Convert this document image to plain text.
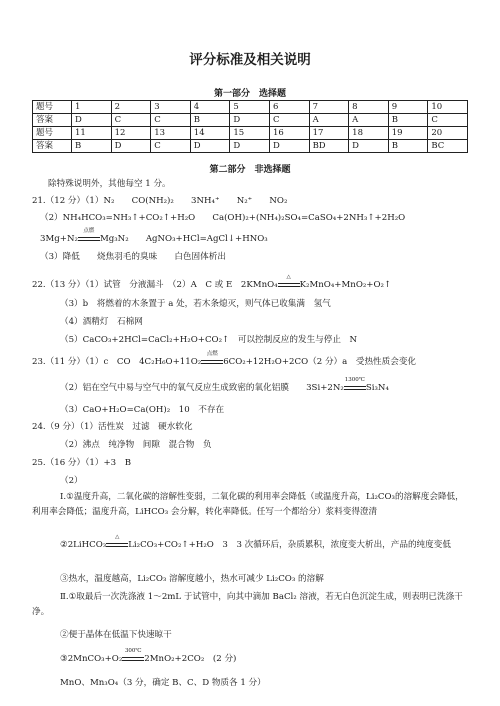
评分标准及相关说明
第一部分　选择题
题号	1	2	3	4	5	6	7	8	9	10
答案	D	C	C	B	D	C	A	A	B	C
题号	11	12	13	14	15	16	17	18	19	20
答案	B	D	C	D	D	D	BD	D	B	BC
第二部分　非选择题
除特殊说明外，其他每空 1 分。
21.（12 分）（1）N₂　　CO(NH₂)₂　　3NH₄⁺　　N₂⁺　　NO₂
（2）NH₄HCO₃=NH₃↑+CO₂↑+H₂O　　Ca(OH)₂+(NH₄)₂SO₄=CaSO₄+2NH₃↑+2H₂O
3Mg+N₂
点燃
Mg₃N₂　　AgNO₃+HCl=AgCl↓+HNO₃
（3）降低　　烧焦羽毛的臭味　　白色固体析出
22.（13 分）（1）试管　分液漏斗　（2）A　C 或 E　2KMnO₄
△
K₂MnO₄+MnO₂+O₂↑
（3）b　将燃着的木条置于 a 处，若木条熄灭，则气体已收集满　氢气
（4）酒精灯　石棉网
（5）CaCO₃+2HCl=CaCl₂+H₂O+CO₂↑　可以控制反应的发生与停止　N
23.（11 分）（1）c　CO　4C₂H₆O+11O₂
点燃
6CO₂+12H₂O+2CO（2 分）a　受热性质会变化
（2）铝在空气中易与空气中的氧气反应生成致密的氧化铝膜　　3Si+2N₂
1300℃
Si₃N₄
（3）CaO+H₂O=Ca(OH)₂　10　不存在
24.（9 分）（1）活性炭　过滤　硬水软化
（2）沸点　纯净物　间隙　混合物　负
25.（16 分）（1）+3　B
（2）
Ⅰ.①温度升高，二氧化碳的溶解性变弱，二氧化碳的利用率会降低（或温度升高，Li₂CO₃的溶解度会降低，利用率会降低；温度升高，LiHCO₃ 会分解，转化率降低。任写一个都给分）浆料变得澄清
②2LiHCO₃
△
Li₂CO₃+CO₂↑+H₂O　3　3 次循环后，杂质累积，浓度变大析出，产品的纯度变低
③热水，温度越高，Li₂CO₃ 溶解度越小，热水可减少 Li₂CO₃ 的溶解
Ⅱ.①取最后一次洗涤液 1～2mL 于试管中，向其中滴加 BaCl₂ 溶液，若无白色沉淀生成，则表明已洗涤干净。
②便于晶体在低温下快速晾干
③2MnCO₃+O₂
300℃
2MnO₂+2CO₂　(2 分)
MnO、Mn₃O₄（3 分，确定 B、C、D 物质各 1 分）
